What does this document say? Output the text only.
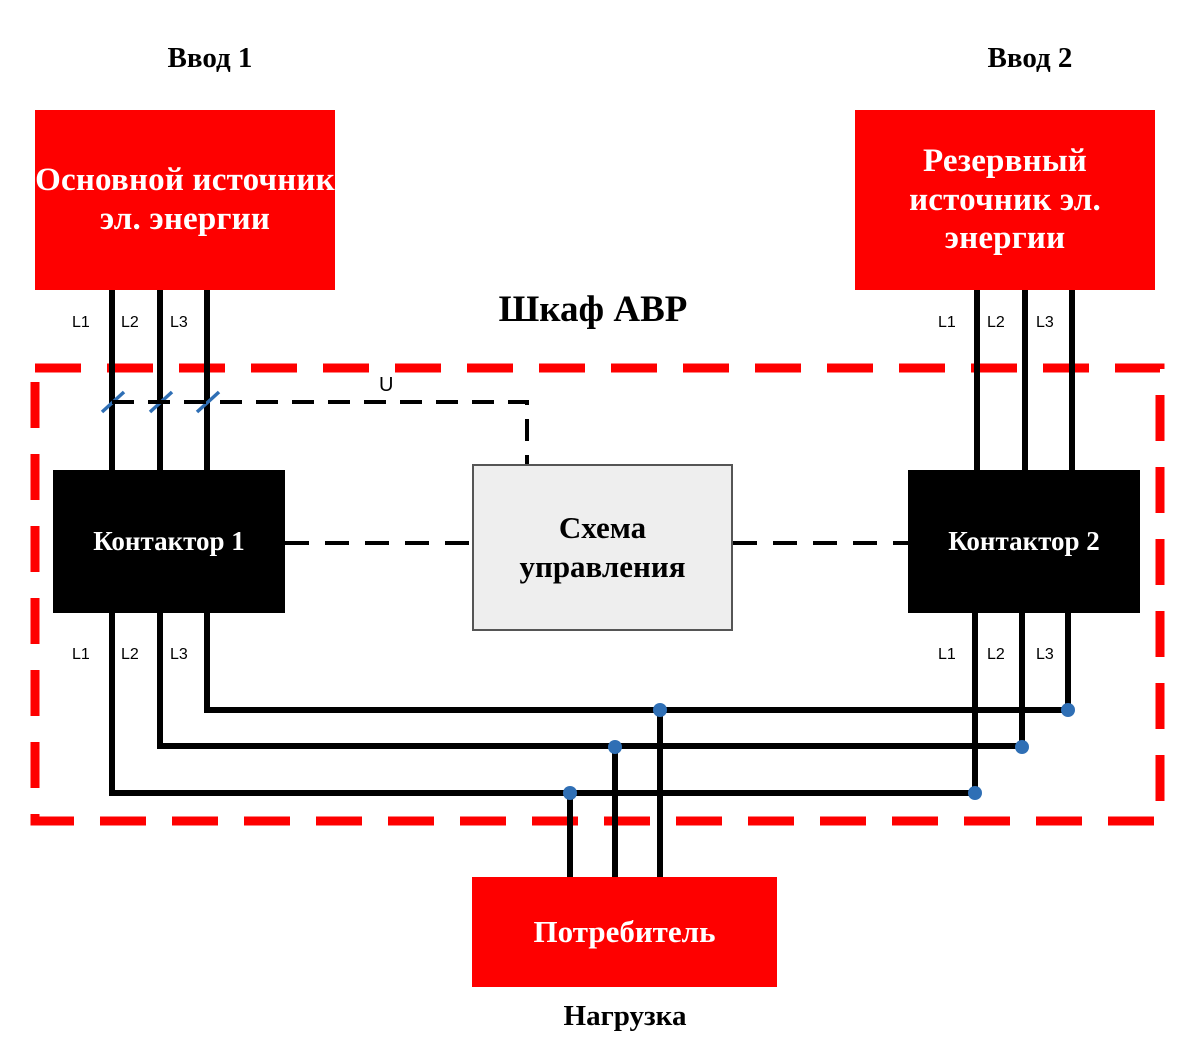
Ввод 1	Ввод 2
Шкаф АВР
Нагрузка
Основной источник эл. энергии
Резервный источник эл. энергии
Контактор 1	Контактор 2
Схема управления
Потребитель
U
L1 L2 L3
L1 L2 L3
L1 L2 L3
L1 L2 L3
